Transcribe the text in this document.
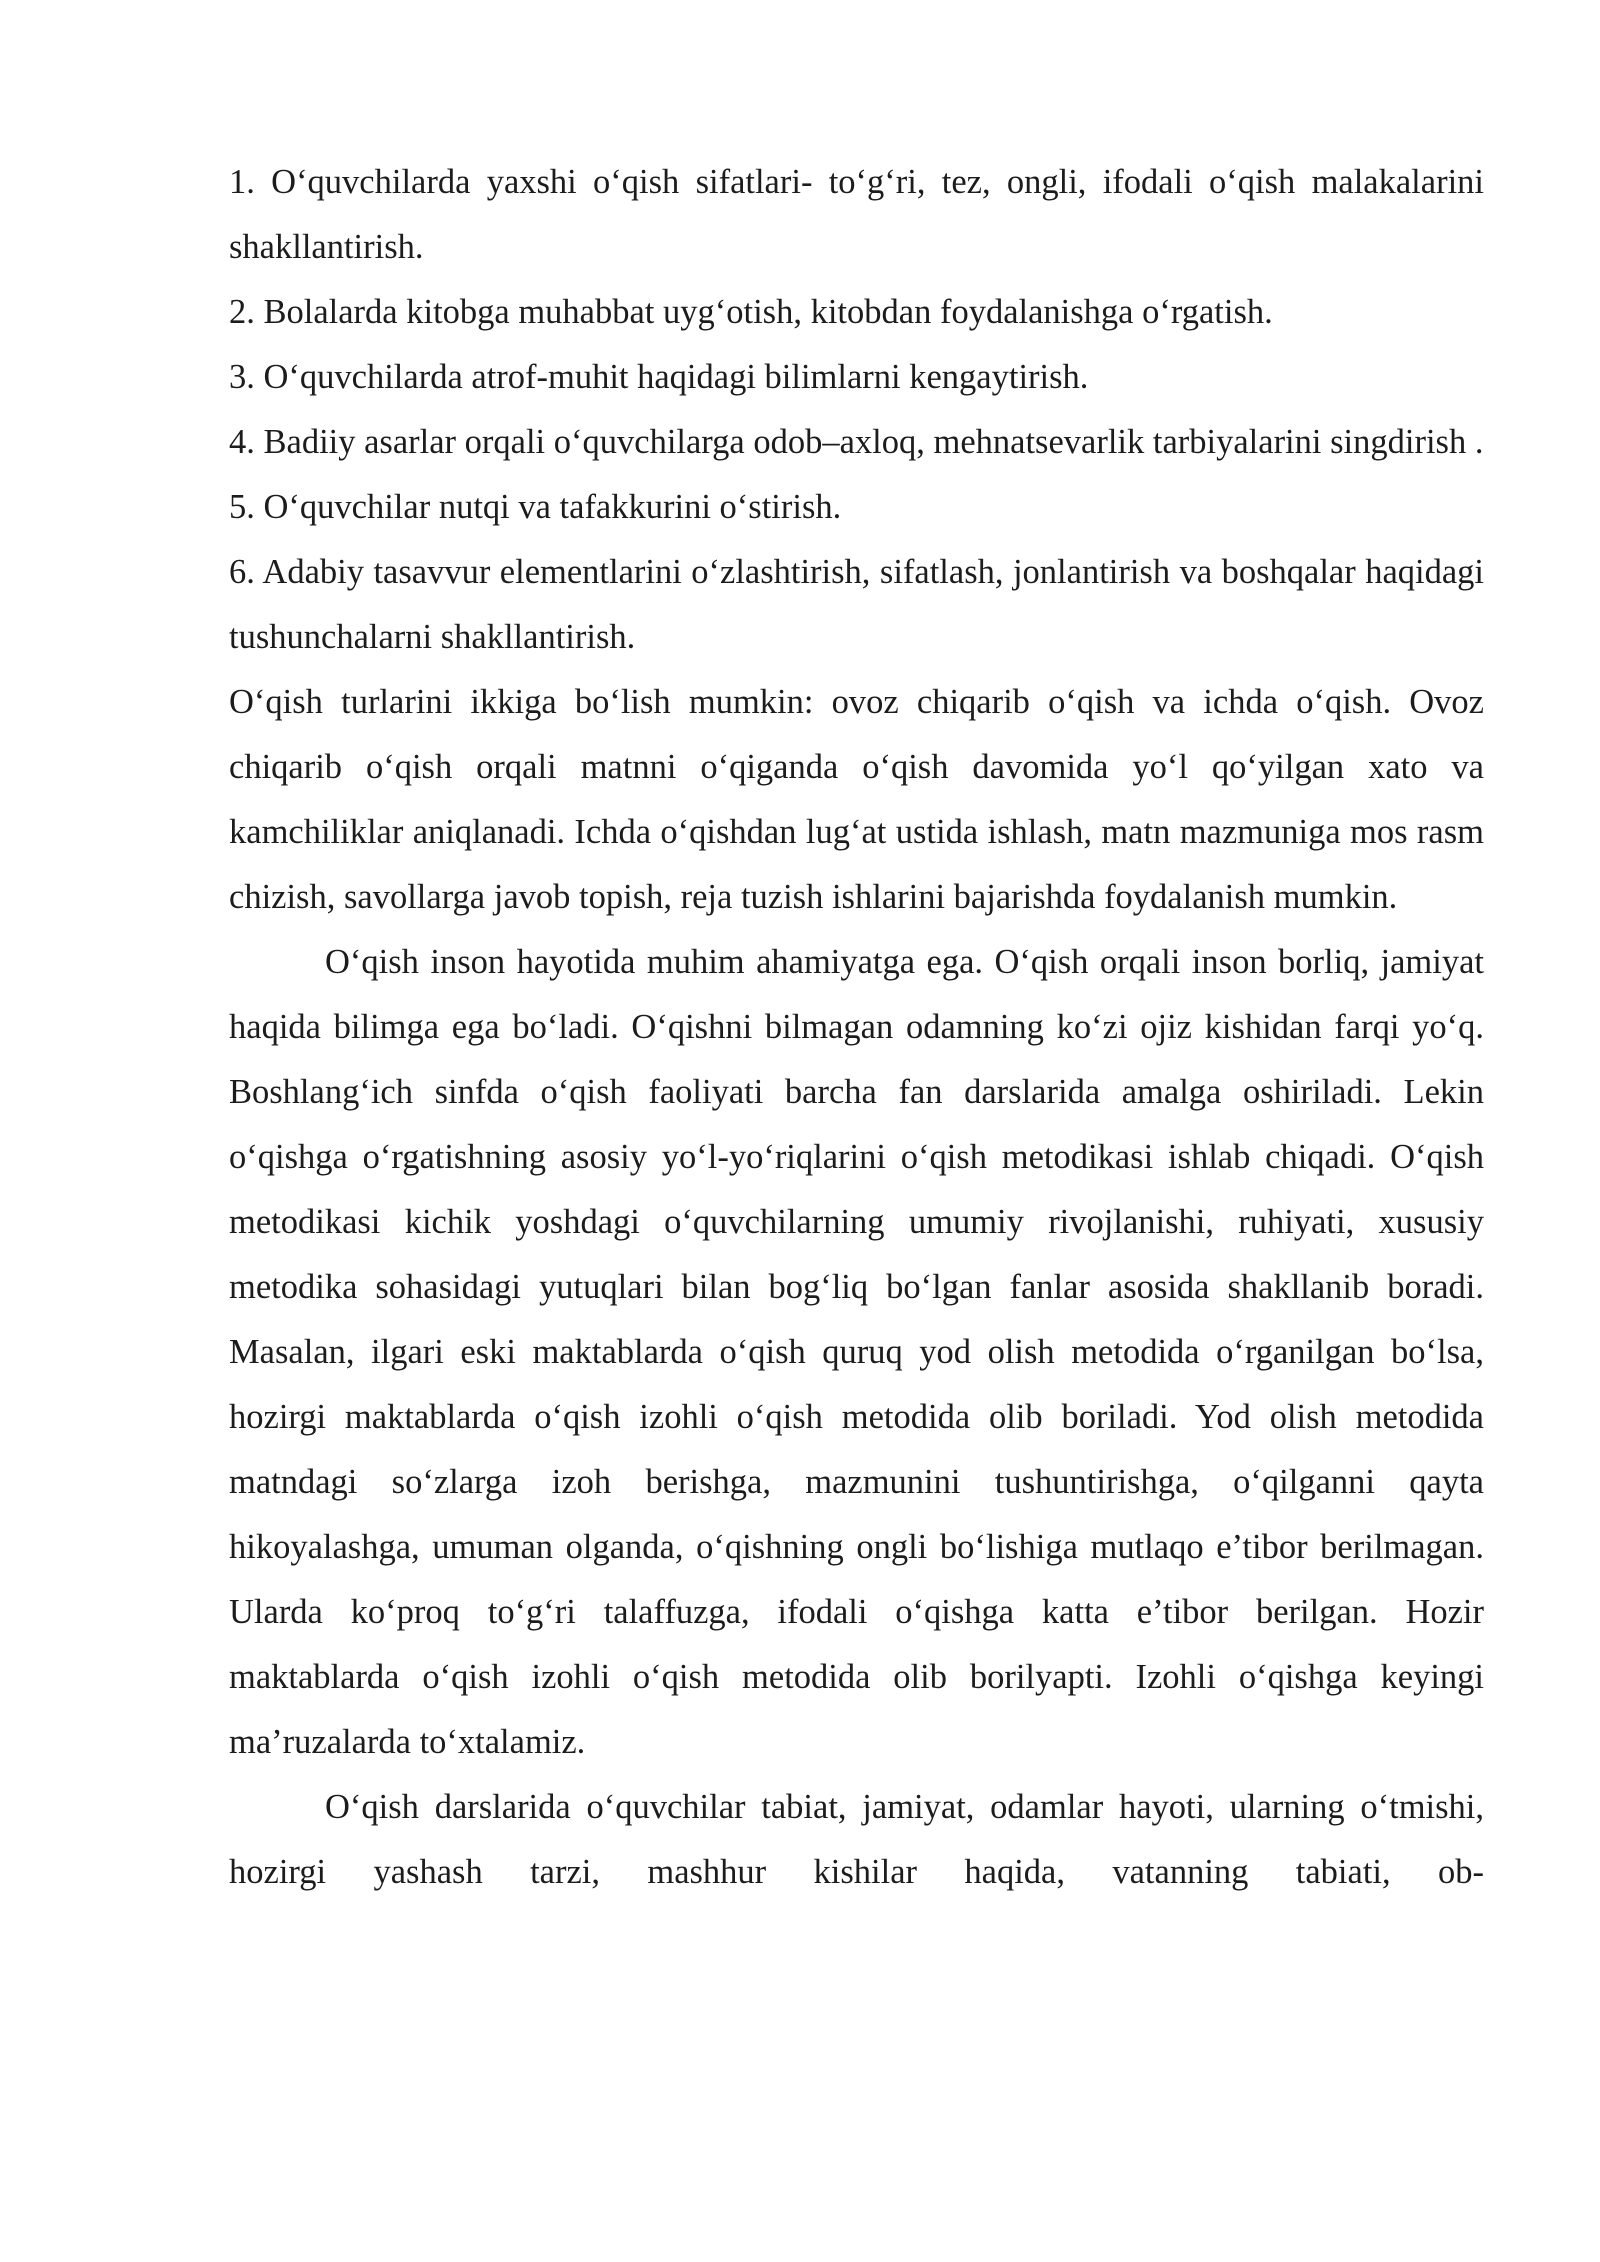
1. O‘quvchilarda yaxshi o‘qish sifatlari- to‘g‘ri, tez, ongli, ifodali o‘qish malakalarini shakllantirish.

2. Bolalarda kitobga muhabbat uyg‘otish, kitobdan foydalanishga o‘rgatish.

3. O‘quvchilarda atrof-muhit haqidagi bilimlarni kengaytirish.

4. Badiiy asarlar orqali o‘quvchilarga odob–axloq, mehnatsevarlik tarbiyalarini singdirish .

5. O‘quvchilar nutqi va tafakkurini o‘stirish.

6. Adabiy tasavvur elementlarini o‘zlashtirish, sifatlash, jonlantirish va boshqalar haqidagi tushunchalarni shakllantirish.

O‘qish turlarini ikkiga bo‘lish mumkin: ovoz chiqarib o‘qish va ichda o‘qish. Ovoz chiqarib o‘qish orqali matnni o‘qiganda o‘qish davomida yo‘l qo‘yilgan xato va kamchiliklar aniqlanadi. Ichda o‘qishdan lug‘at ustida ishlash, matn mazmuniga mos rasm chizish, savollarga javob topish, reja tuzish ishlarini bajarishda foydalanish mumkin.

O‘qish inson hayotida muhim ahamiyatga ega. O‘qish orqali inson borliq, jamiyat haqida bilimga ega bo‘ladi. O‘qishni bilmagan odamning ko‘zi ojiz kishidan farqi yo‘q. Boshlang‘ich sinfda o‘qish faoliyati barcha fan darslarida amalga oshiriladi. Lekin o‘qishga o‘rgatishning asosiy yo‘l-yo‘riqlarini o‘qish metodikasi ishlab chiqadi. O‘qish metodikasi kichik yoshdagi o‘quvchilarning umumiy rivojlanishi, ruhiyati, xususiy metodika sohasidagi yutuqlari bilan bog‘liq bo‘lgan fanlar asosida shakllanib boradi. Masalan, ilgari eski maktablarda o‘qish quruq yod olish metodida o‘rganilgan bo‘lsa, hozirgi maktablarda o‘qish izohli o‘qish metodida olib boriladi. Yod olish metodida matndagi so‘zlarga izoh berishga, mazmunini tushuntirishga, o‘qilganni qayta hikoyalashga, umuman olganda, o‘qishning ongli bo‘lishiga mutlaqo e’tibor berilmagan. Ularda ko‘proq to‘g‘ri talaffuzga, ifodali o‘qishga katta e’tibor berilgan. Hozir maktablarda o‘qish izohli o‘qish metodida olib borilyapti. Izohli o‘qishga keyingi ma’ruzalarda to‘xtalamiz.

O‘qish darslarida o‘quvchilar tabiat, jamiyat, odamlar hayoti, ularning o‘tmishi, hozirgi yashash tarzi, mashhur kishilar haqida, vatanning tabiati, ob-
